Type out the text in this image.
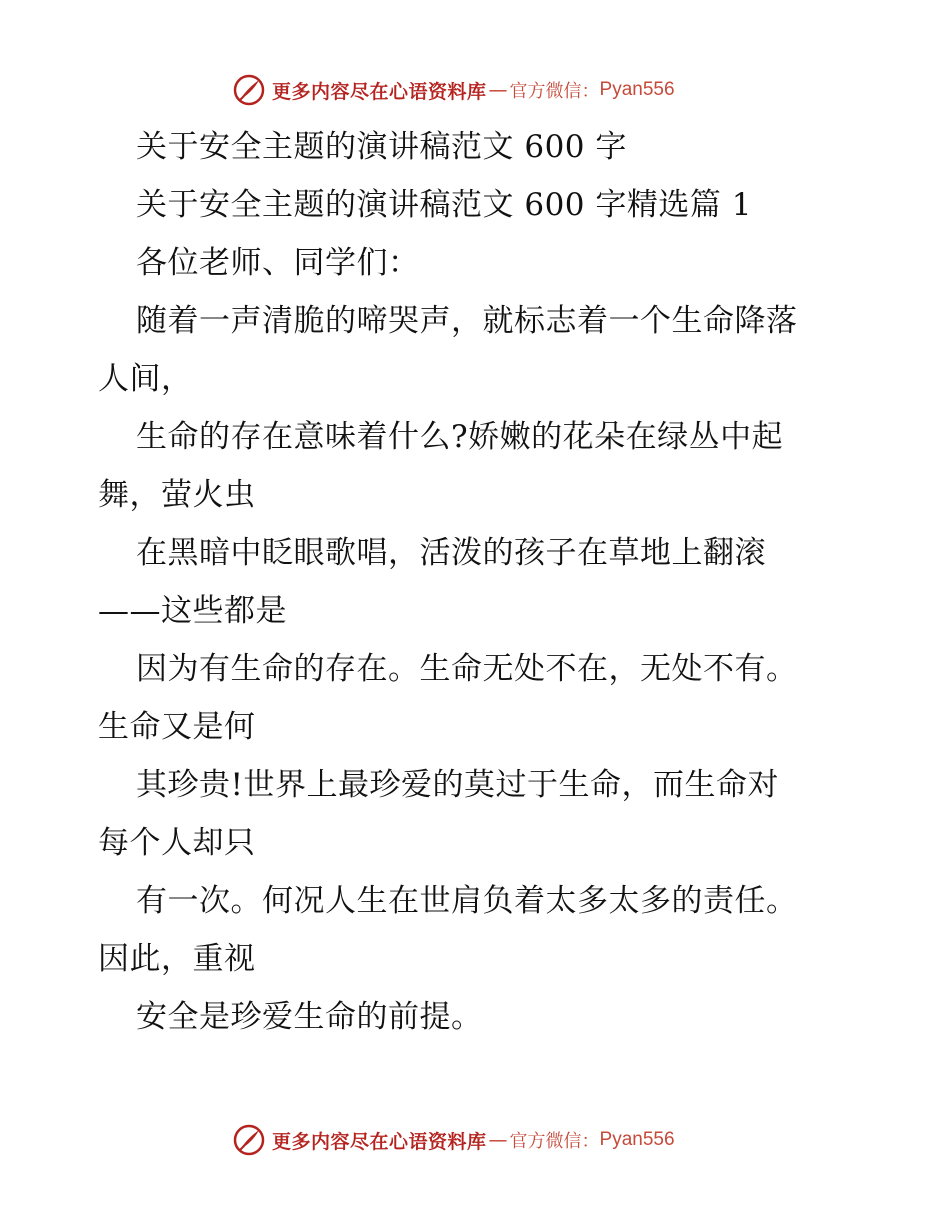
更多内容尽在心语资料库 — 官方微信： Pyan556
关于安全主题的演讲稿范文 600 字
关于安全主题的演讲稿范文 600 字精选篇 1
各位老师、同学们：
随着一声清脆的啼哭声，就标志着一个生命降落
人间，
生命的存在意味着什么?娇嫩的花朵在绿丛中起
舞，萤火虫
在黑暗中眨眼歌唱，活泼的孩子在草地上翻滚
——这些都是
因为有生命的存在。生命无处不在，无处不有。
生命又是何
其珍贵!世界上最珍爱的莫过于生命，而生命对
每个人却只
有一次。何况人生在世肩负着太多太多的责任。
因此，重视
安全是珍爱生命的前提。
更多内容尽在心语资料库 — 官方微信： Pyan556
